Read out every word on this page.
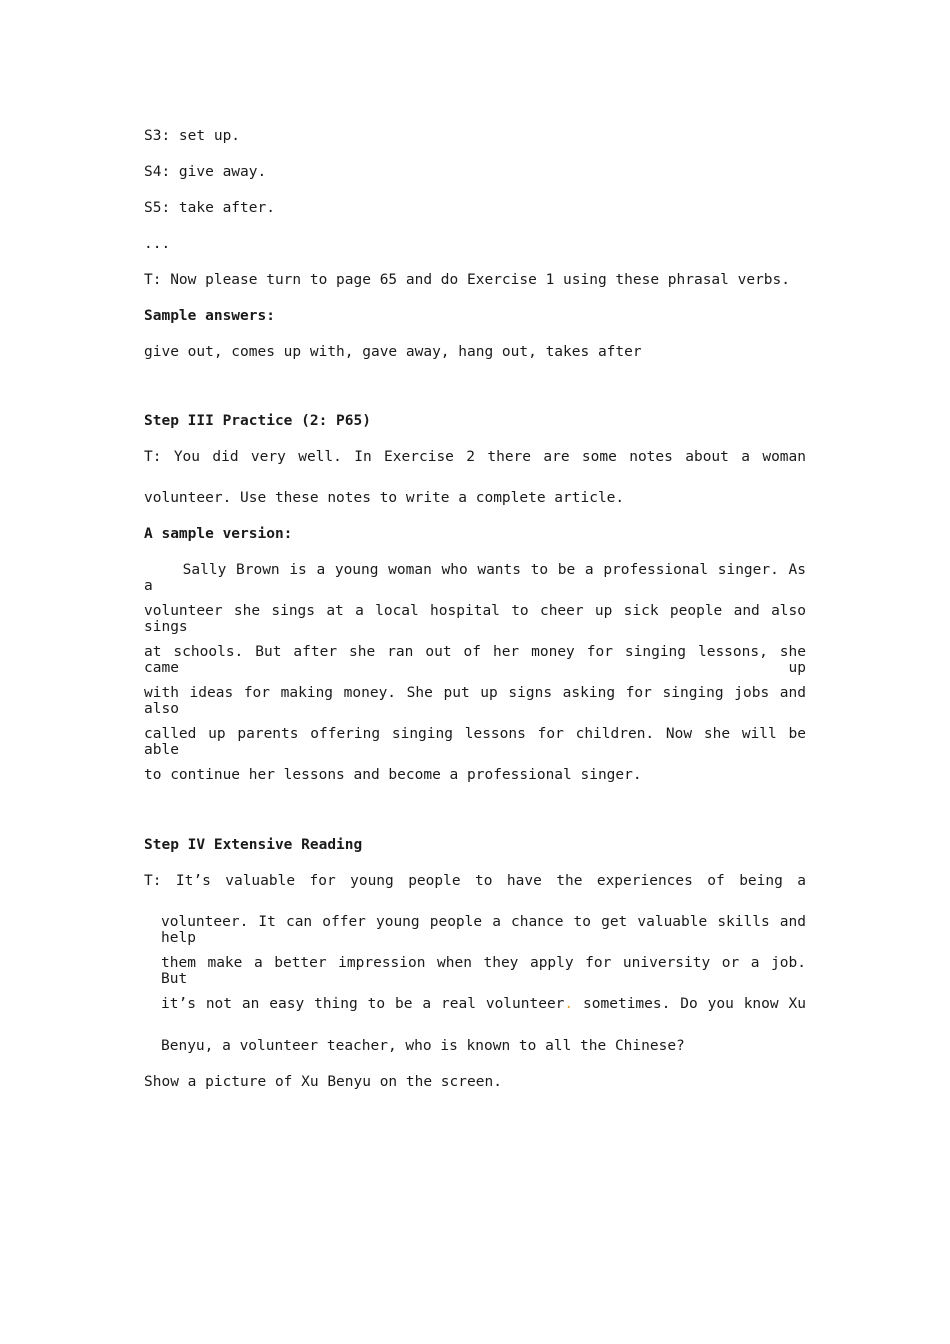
S3: set up.
S4: give away.
S5: take after.
...
T: Now please turn to page 65 and do Exercise 1 using these phrasal verbs.
Sample answers:
give out, comes up with, gave away, hang out, takes after
Step III Practice (2: P65)
T: You did very well. In Exercise 2 there are some notes about a woman
volunteer. Use these notes to write a complete article.
A sample version:
Sally Brown is a young woman who wants to be a professional singer. As a
volunteer she sings at a local hospital to cheer up sick people and also sings
at schools. But after she ran out of her money for singing lessons, she came up
with ideas for making money. She put up signs asking for singing jobs and also
called up parents offering singing lessons for children. Now she will be able
to continue her lessons and become a professional singer.
Step IV Extensive Reading
T: It’s valuable for young people to have the experiences of being a
volunteer. It can offer young people a chance to get valuable skills and help
them make a better impression when they apply for university or a job. But
it’s not an easy thing to be a real volunteer. sometimes. Do you know Xu
Benyu, a volunteer teacher, who is known to all the Chinese?
Show a picture of Xu Benyu on the screen.
